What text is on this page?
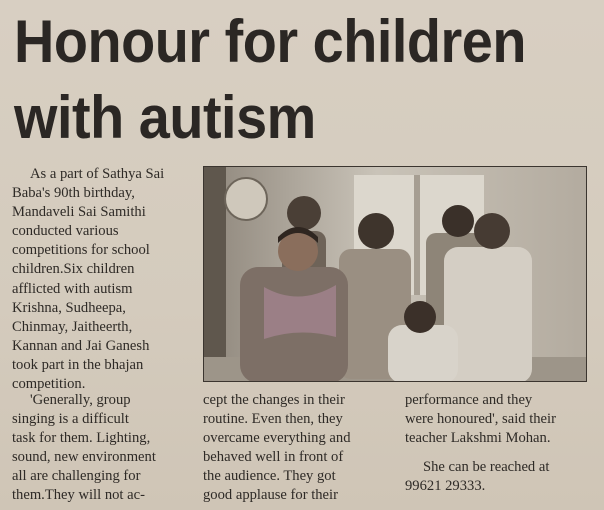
Honour for children
with autism

As a part of Sathya Sai
Baba's 90th birthday,
Mandaveli Sai Samithi
conducted various
competitions for school
children.Six children
afflicted with autism
Krishna, Sudheepa,
Chinmay, Jaitheerth,
Kannan and Jai Ganesh
took part in the bhajan
competition.

'Generally, group
singing is a difficult
task for them. Lighting,
sound, new environment
all are challenging for
them.They will not ac-

cept the changes in their
routine. Even then, they
overcame everything and
behaved well in front of
the audience. They got
good applause for their

performance and they
were honoured', said their
teacher Lakshmi Mohan.

She can be reached at
99621 29333.
